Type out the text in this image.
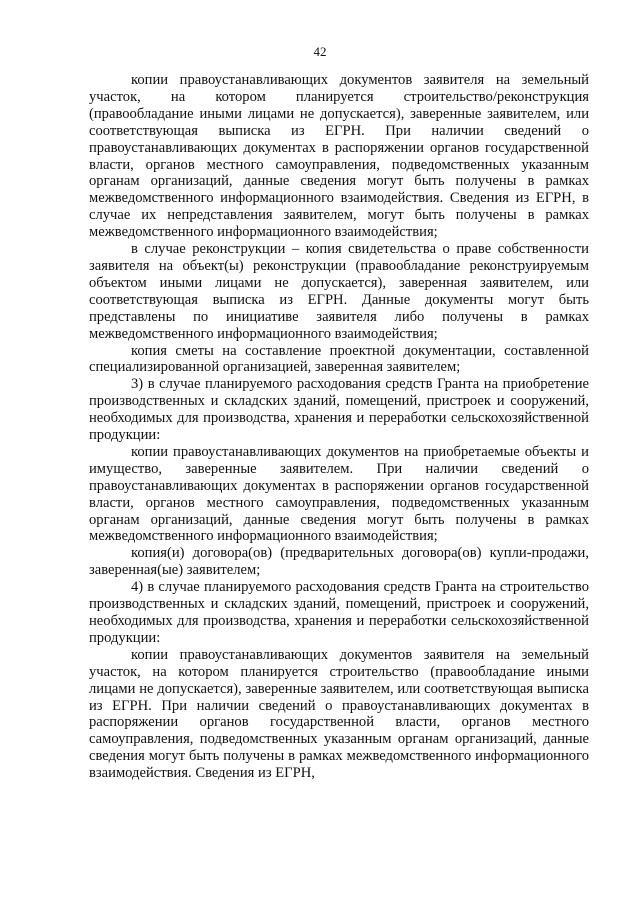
42

копии правоустанавливающих документов заявителя на земельный участок, на котором планируется строительство/реконструкция (правообладание иными лицами не допускается), заверенные заявителем, или соответствующая выписка из ЕГРН. При наличии сведений о правоустанавливающих документах в распоряжении органов государственной власти, органов местного самоуправления, подведомственных указанным органам организаций, данные сведения могут быть получены в рамках межведомственного информационного взаимодействия. Сведения из ЕГРН, в случае их непредставления заявителем, могут быть получены в рамках межведомственного информационного взаимодействия;

в случае реконструкции – копия свидетельства о праве собственности заявителя на объект(ы) реконструкции (правообладание реконструируемым объектом иными лицами не допускается), заверенная заявителем, или соответствующая выписка из ЕГРН. Данные документы могут быть представлены по инициативе заявителя либо получены в рамках межведомственного информационного взаимодействия;

копия сметы на составление проектной документации, составленной специализированной организацией, заверенная заявителем;

3) в случае планируемого расходования средств Гранта на приобретение производственных и складских зданий, помещений, пристроек и сооружений, необходимых для производства, хранения и переработки сельскохозяйственной продукции:

копии правоустанавливающих документов на приобретаемые объекты и имущество, заверенные заявителем. При наличии сведений о правоустанавливающих документах в распоряжении органов государственной власти, органов местного самоуправления, подведомственных указанным органам организаций, данные сведения могут быть получены в рамках межведомственного информационного взаимодействия;

копия(и) договора(ов) (предварительных договора(ов) купли-продажи, заверенная(ые) заявителем;

4) в случае планируемого расходования средств Гранта на строительство производственных и складских зданий, помещений, пристроек и сооружений, необходимых для производства, хранения и переработки сельскохозяйственной продукции:

копии правоустанавливающих документов заявителя на земельный участок, на котором планируется строительство (правообладание иными лицами не допускается), заверенные заявителем, или соответствующая выписка из ЕГРН. При наличии сведений о правоустанавливающих документах в распоряжении органов государственной власти, органов местного самоуправления, подведомственных указанным органам организаций, данные сведения могут быть получены в рамках межведомственного информационного взаимодействия. Сведения из ЕГРН,
